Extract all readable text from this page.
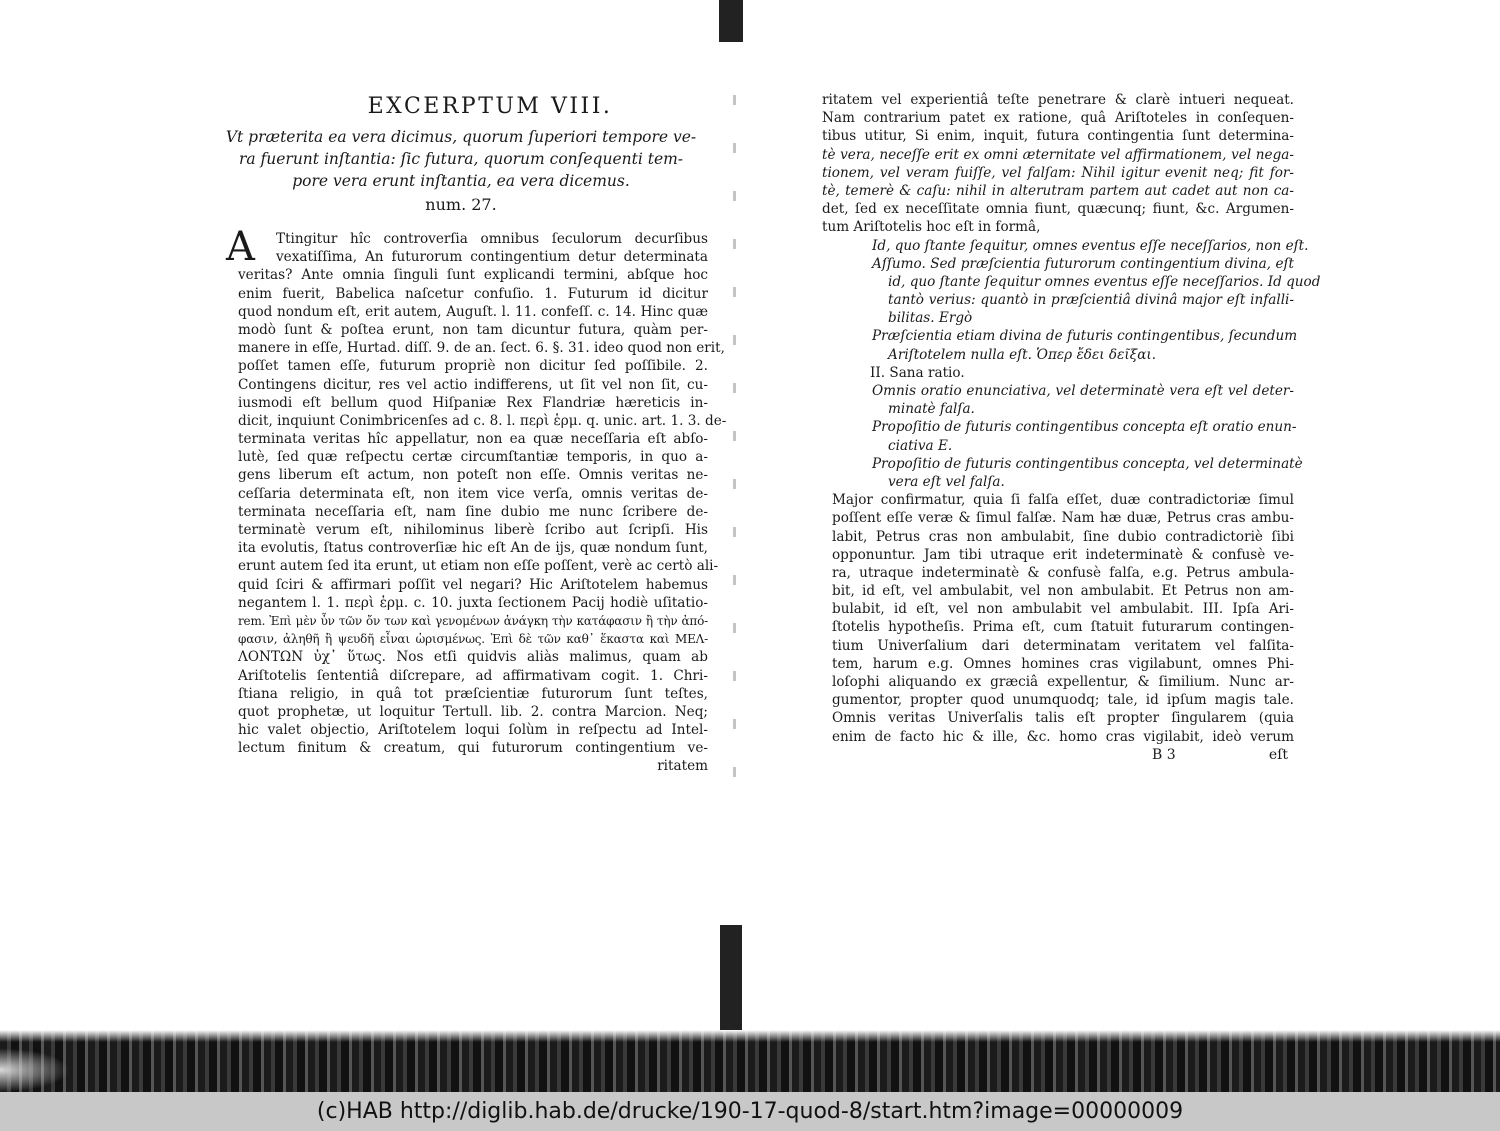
EXCERPTUM VIII.
Vt præterita ea vera dicimus, quorum ſuperiori tempore ve-
ra fuerunt inſtantia: ſic futura, quorum conſequenti tem-
pore vera erunt inſtantia, ea vera dicemus.
num. 27.
A	Ttingitur hîc controverſia omnibus ſeculorum decurſibus
vexatiſſima, An futurorum contingentium detur determinata
veritas? Ante omnia ſinguli ſunt explicandi termini, abſque hoc
enim fuerit, Babelica naſcetur confuſio. 1. Futurum id dicitur
quod nondum eſt, erit autem, Auguſt. l. 11. confeſſ. c. 14. Hinc quæ
modò ſunt & poſtea erunt, non tam dicuntur futura, quàm per-
manere in eſſe, Hurtad. diſſ. 9. de an. ſect. 6. §. 31. ideo quod non erit,
poſſet tamen eſſe, futurum propriè non dicitur ſed poſſibile. 2.
Contingens dicitur, res vel actio indifferens, ut ſit vel non ſit, cu-
iusmodi eſt bellum quod Hiſpaniæ Rex Flandriæ hæreticis in-
dicit, inquiunt Conimbricenſes ad c. 8. l. περὶ ἑρμ. q. unic. art. 1. 3. de-
terminata veritas hîc appellatur, non ea quæ neceſſaria eſt abſo-
lutè, ſed quæ reſpectu certæ circumſtantiæ temporis, in quo a-
gens liberum eſt actum, non poteſt non eſſe. Omnis veritas ne-
ceſſaria determinata eſt, non item vice verſa, omnis veritas de-
terminata neceſſaria eſt, nam ſine dubio me nunc ſcribere de-
terminatè verum eſt, nihilominus liberè ſcribo aut ſcripſi. His
ita evolutis, ſtatus controverſiæ hic eſt An de ijs, quæ nondum ſunt,
erunt autem ſed ita erunt, ut etiam non eſſe poſſent, verè ac certò ali-
quid ſciri & affirmari poſſit vel negari? Hic Ariſtotelem habemus
negantem l. 1. περὶ ἑρμ. c. 10. juxta ſectionem Pacij hodiè uſitatio-
rem. Ἐπὶ μὲν ὖν τῶν ὄν των καὶ γενομένων ἀνάγκη τὴν κατάφασιν ἢ τὴν ἀπό-
φασιν, ἀληθῆ ἢ ψευδῆ εἶναι ὡρισμένως. Ἐπὶ δὲ τῶν καθ᾽ ἕκαστα καὶ ΜΕΛ-
ΛΟΝΤΩΝ ὐχ᾽ ὕτως. Nos etſi quidvis aliàs malimus, quam ab
Ariſtotelis ſententiâ diſcrepare, ad affirmativam cogit. 1. Chri-
ſtiana religio, in quâ tot præſcientiæ futurorum ſunt teſtes,
quot prophetæ, ut loquitur Tertull. lib. 2. contra Marcion. Neq;
hic valet objectio, Ariſtotelem loqui ſolùm in reſpectu ad Intel-
lectum finitum & creatum, qui futurorum contingentium ve-
ritatem
ritatem vel experientiâ teſte penetrare & clarè intueri nequeat.
Nam contrarium patet ex ratione, quâ Ariſtoteles in conſequen-
tibus utitur, Si enim, inquit, futura contingentia ſunt determina-
tè vera, neceſſe erit ex omni æternitate vel affirmationem, vel nega-
tionem, vel veram fuiſſe, vel falſam: Nihil igitur evenit neq; fit for-
tè, temerè & caſu: nihil in alterutram partem aut cadet aut non ca-
det, ſed ex neceſſitate omnia fiunt, quæcunq; fiunt, &c. Argumen-
tum Ariſtotelis hoc eſt in formâ,
Id, quo ſtante ſequitur, omnes eventus eſſe neceſſarios, non eſt.
Aſſumo. Sed præſcientia futurorum contingentium divina, eſt
id, quo ſtante ſequitur omnes eventus eſſe neceſſarios. Id quod
tantò verius: quantò in præſcientiâ divinâ major eſt infalli-
bilitas. Ergò
Præſcientia etiam divina de futuris contingentibus, ſecundum
Ariſtotelem nulla eſt. Ὁπερ ἔδει δεῖξαι.
II. Sana ratio.
Omnis oratio enunciativa, vel determinatè vera eſt vel deter-
minatè falſa.
Propoſitio de futuris contingentibus concepta eſt oratio enun-
ciativa E.
Propoſitio de futuris contingentibus concepta, vel determinatè
vera eſt vel falſa.
Major confirmatur, quia ſi falſa eſſet, duæ contradictoriæ ſimul
poſſent eſſe veræ & ſimul falſæ. Nam hæ duæ, Petrus cras ambu-
labit, Petrus cras non ambulabit, ſine dubio contradictoriè ſibi
opponuntur. Jam tibi utraque erit indeterminatè & confusè ve-
ra, utraque indeterminatè & confusè falſa, e.g. Petrus ambula-
bit, id eſt, vel ambulabit, vel non ambulabit. Et Petrus non am-
bulabit, id eſt, vel non ambulabit vel ambulabit. III. Ipſa Ari-
ſtotelis hypotheſis. Prima eſt, cum ſtatuit futurarum contingen-
tium Univerſalium dari determinatam veritatem vel falſita-
tem, harum e.g. Omnes homines cras vigilabunt, omnes Phi-
loſophi aliquando ex græciâ expellentur, & ſimilium. Nunc ar-
gumentor, propter quod unumquodq; tale, id ipſum magis tale.
Omnis veritas Univerſalis talis eſt propter ſingularem (quia
enim de facto hic & ille, &c. homo cras vigilabit, ideò verum
B 3	eſt
(c)HAB http://diglib.hab.de/drucke/190-17-quod-8/start.htm?image=00000009
